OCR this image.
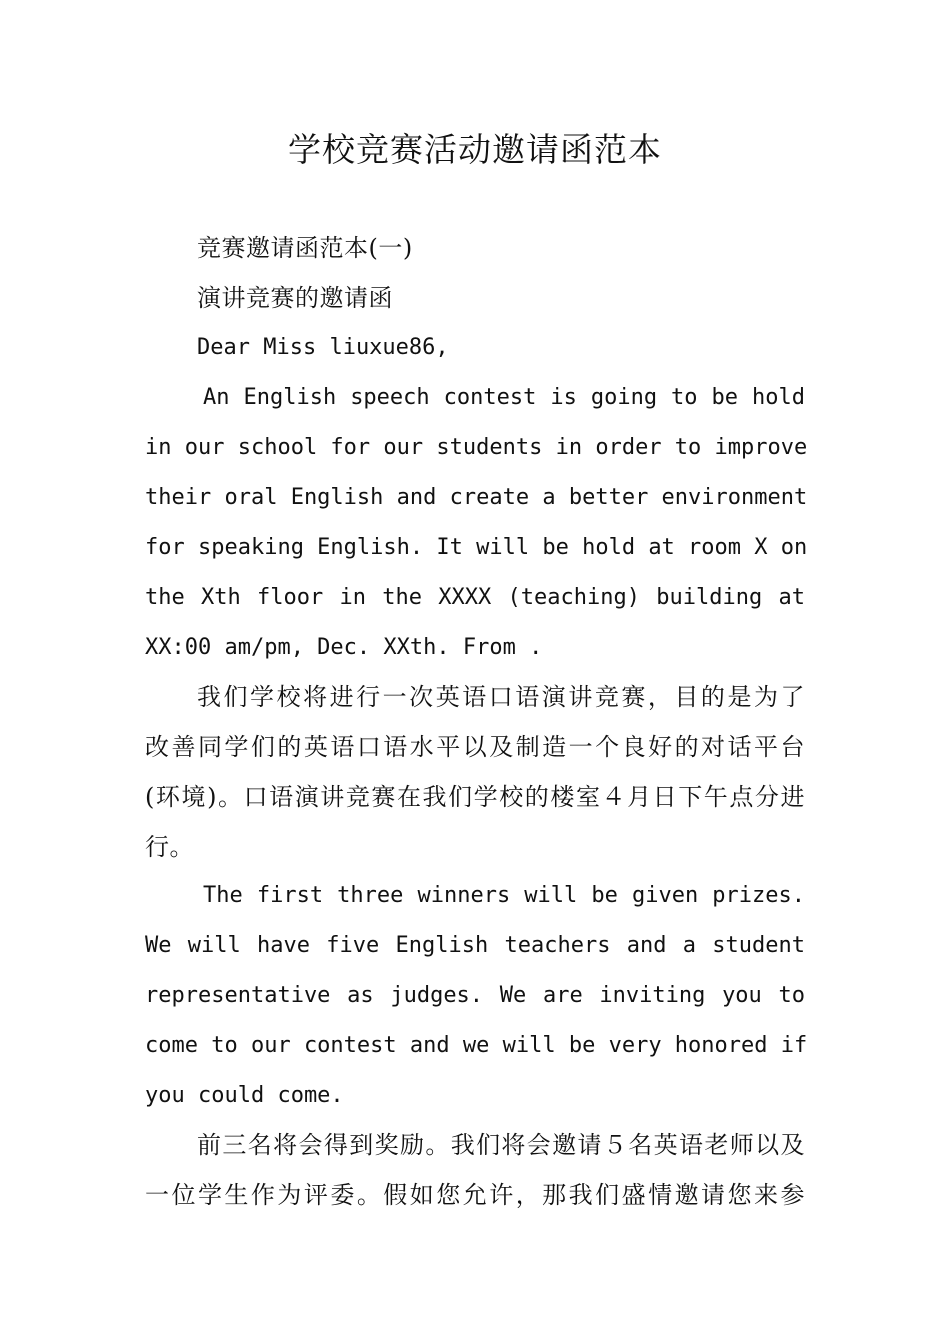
学校竞赛活动邀请函范本
竞赛邀请函范本(一)
演讲竞赛的邀请函
Dear Miss liuxue86,
An English speech contest is going to be hold
in our school for our students in order to improve
their oral English and create a better environment
for speaking English. It will be hold at room X on
the Xth floor in the XXXX (teaching) building at
XX:00 am/pm, Dec. XXth. From .
我们学校将进行一次英语口语演讲竞赛，目的是为了
改善同学们的英语口语水平以及制造一个良好的对话平台
(环境)。口语演讲竞赛在我们学校的楼室４月日下午点分进
行。
The first three winners will be given prizes.
We will have five English teachers and a student
representative as judges. We are inviting you to
come to our contest and we will be very honored if
you could come.
前三名将会得到奖励。我们将会邀请５名英语老师以及
一位学生作为评委。假如您允许，那我们盛情邀请您来参
